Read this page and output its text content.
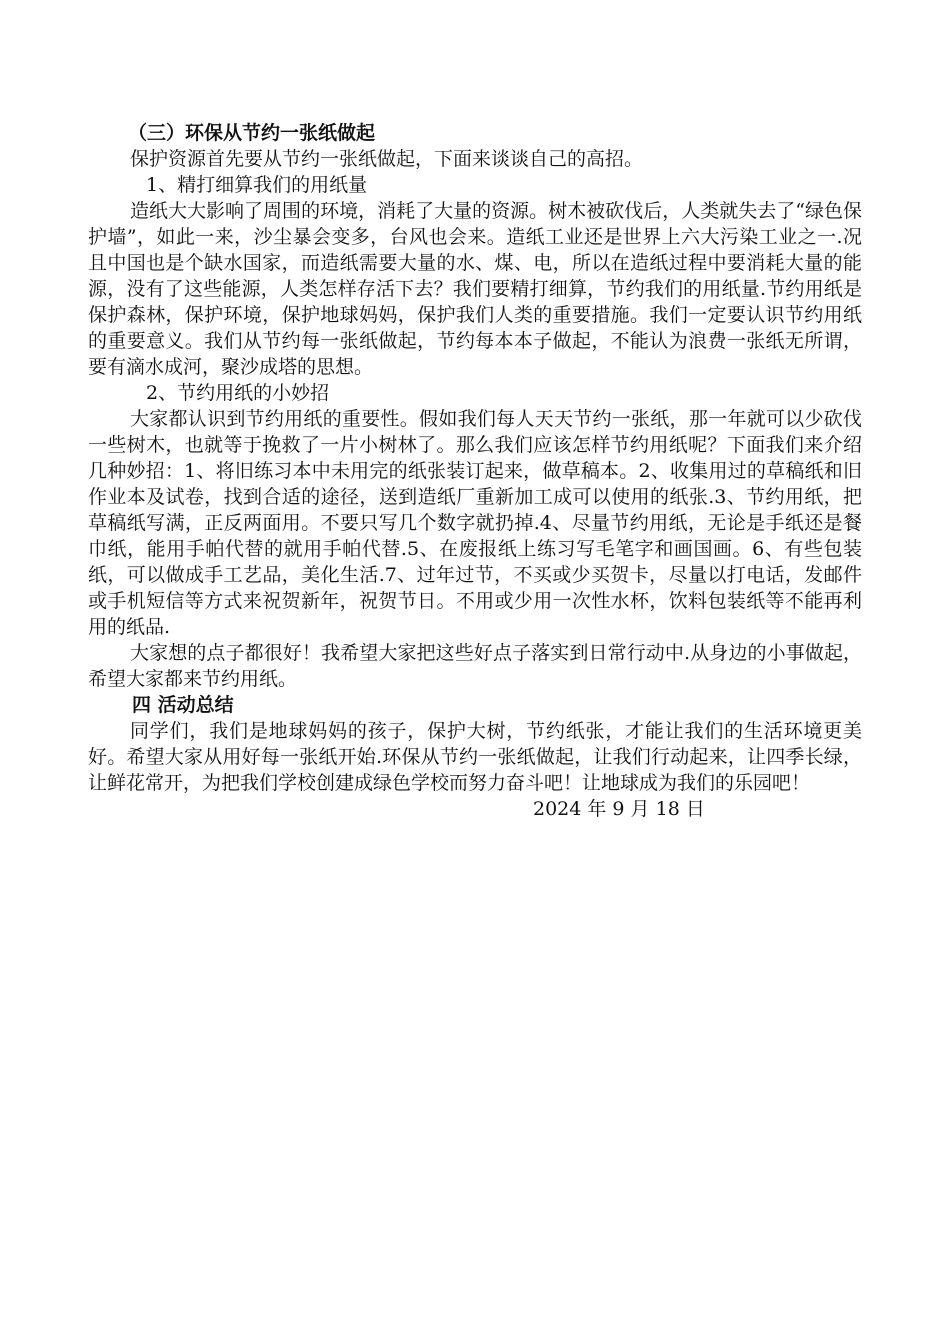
（三）环保从节约一张纸做起

保护资源首先要从节约一张纸做起，下面来谈谈自己的高招。

1、精打细算我们的用纸量

造纸大大影响了周围的环境，消耗了大量的资源。树木被砍伐后，人类就失去了“绿色保护墙”，如此一来，沙尘暴会变多，台风也会来。造纸工业还是世界上六大污染工业之一.况且中国也是个缺水国家，而造纸需要大量的水、煤、电，所以在造纸过程中要消耗大量的能源，没有了这些能源，人类怎样存活下去？我们要精打细算，节约我们的用纸量.节约用纸是保护森林，保护环境，保护地球妈妈，保护我们人类的重要措施。我们一定要认识节约用纸的重要意义。我们从节约每一张纸做起，节约每本本子做起，不能认为浪费一张纸无所谓，要有滴水成河，聚沙成塔的思想。

2、节约用纸的小妙招

大家都认识到节约用纸的重要性。假如我们每人天天节约一张纸，那一年就可以少砍伐一些树木，也就等于挽救了一片小树林了。那么我们应该怎样节约用纸呢？下面我们来介绍几种妙招：1、将旧练习本中未用完的纸张装订起来，做草稿本。2、收集用过的草稿纸和旧作业本及试卷，找到合适的途径，送到造纸厂重新加工成可以使用的纸张.3、节约用纸，把草稿纸写满，正反两面用。不要只写几个数字就扔掉.4、尽量节约用纸，无论是手纸还是餐巾纸，能用手帕代替的就用手帕代替.5、在废报纸上练习写毛笔字和画国画。6、有些包装纸，可以做成手工艺品，美化生活.7、过年过节，不买或少买贺卡，尽量以打电话，发邮件或手机短信等方式来祝贺新年，祝贺节日。不用或少用一次性水杯，饮料包装纸等不能再利用的纸品.

大家想的点子都很好！我希望大家把这些好点子落实到日常行动中.从身边的小事做起，希望大家都来节约用纸。

四 活动总结

同学们，我们是地球妈妈的孩子，保护大树，节约纸张，才能让我们的生活环境更美好。希望大家从用好每一张纸开始.环保从节约一张纸做起，让我们行动起来，让四季长绿，让鲜花常开，为把我们学校创建成绿色学校而努力奋斗吧！让地球成为我们的乐园吧！

2024 年 9 月 18 日
